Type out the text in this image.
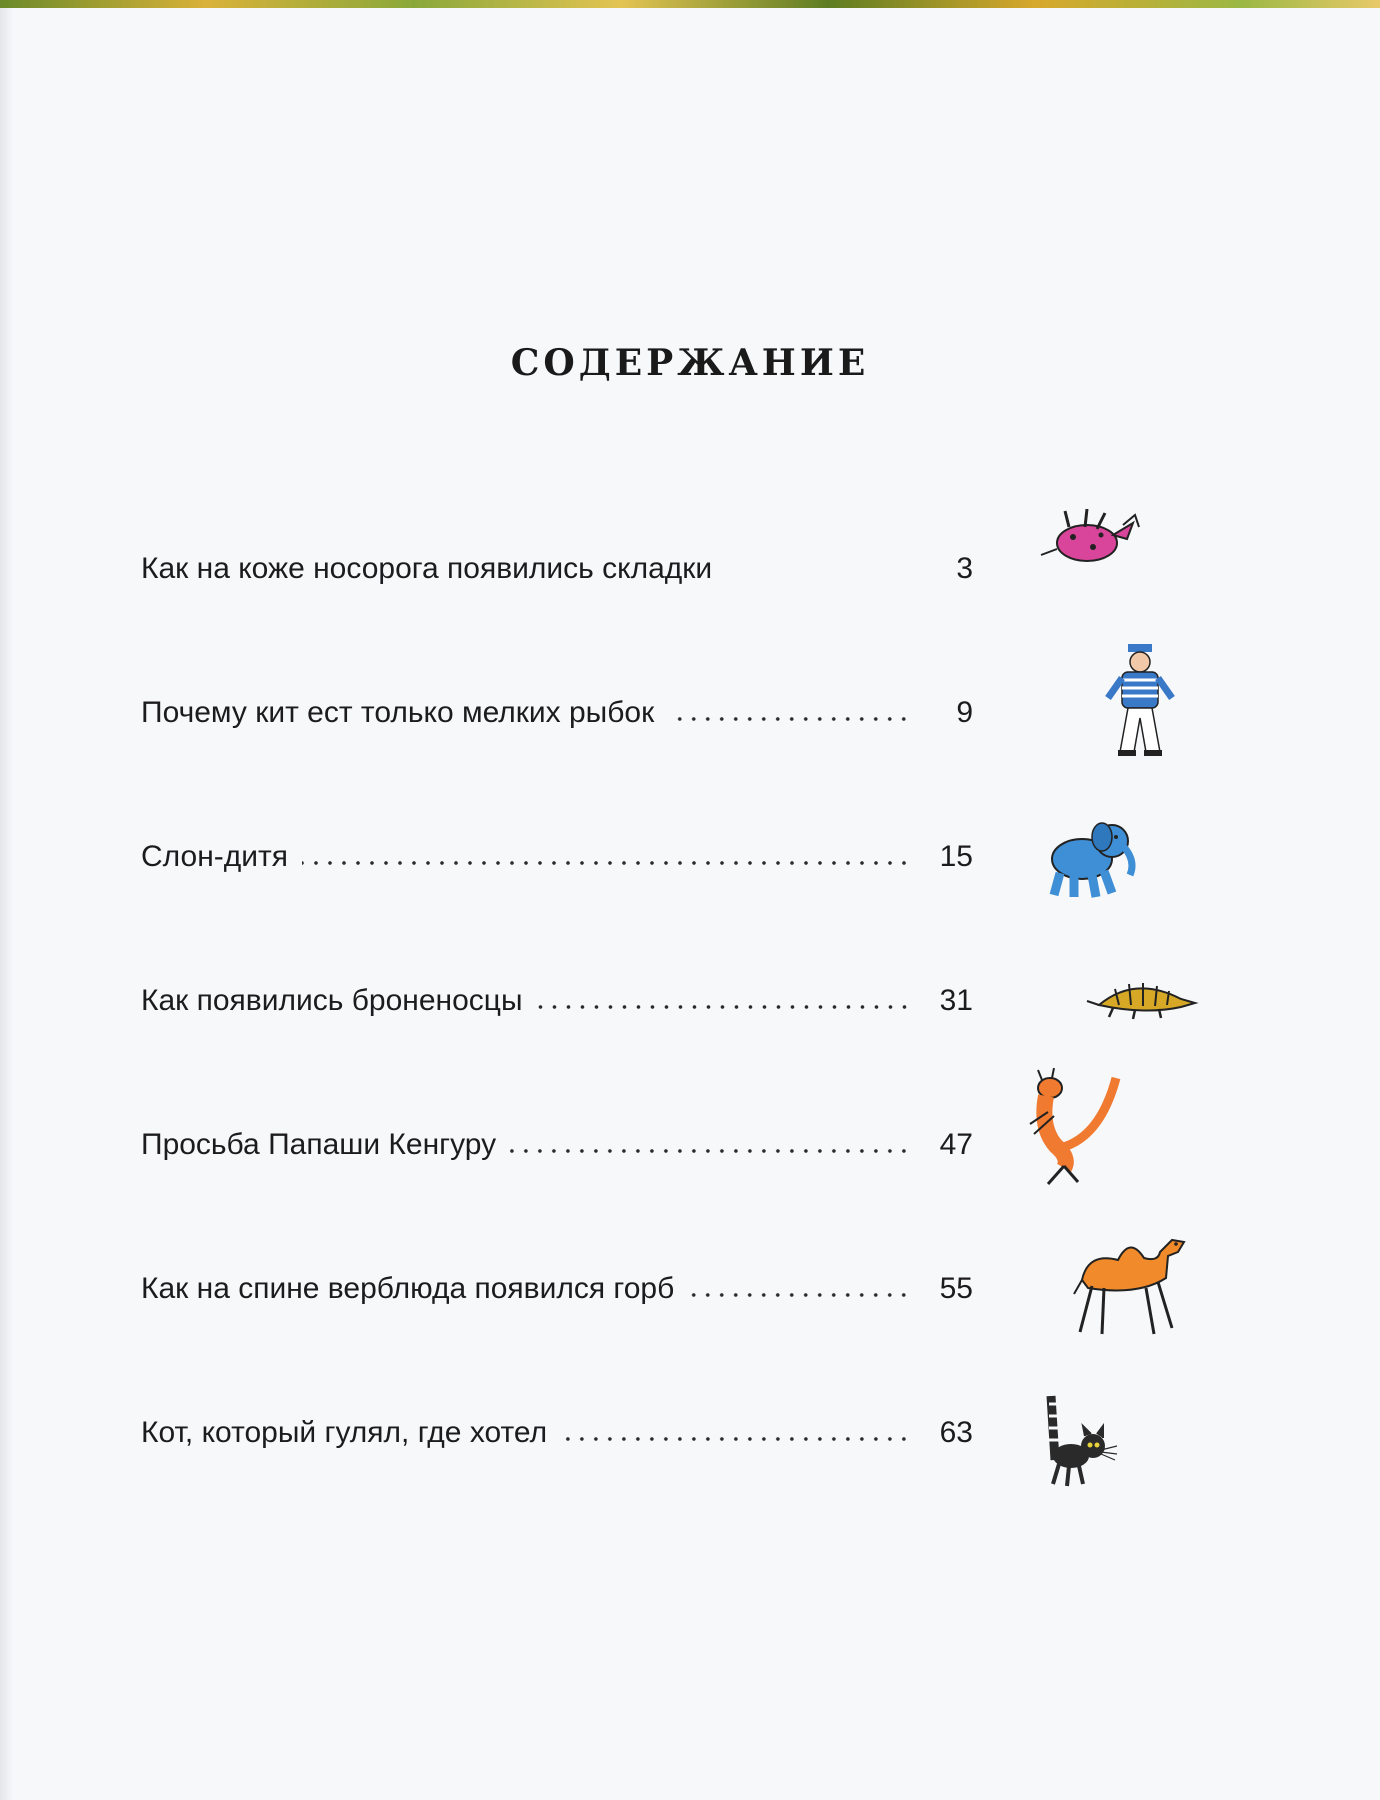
СОДЕРЖАНИЕ
Как на коже носорога появились складки	3
Почему кит ест только мелких рыбок	9
Слон-дитя	15
Как появились броненосцы	31
Просьба Папаши Кенгуру	47
Как на спине верблюда появился горб	55
Кот, который гулял, где хотел	63
